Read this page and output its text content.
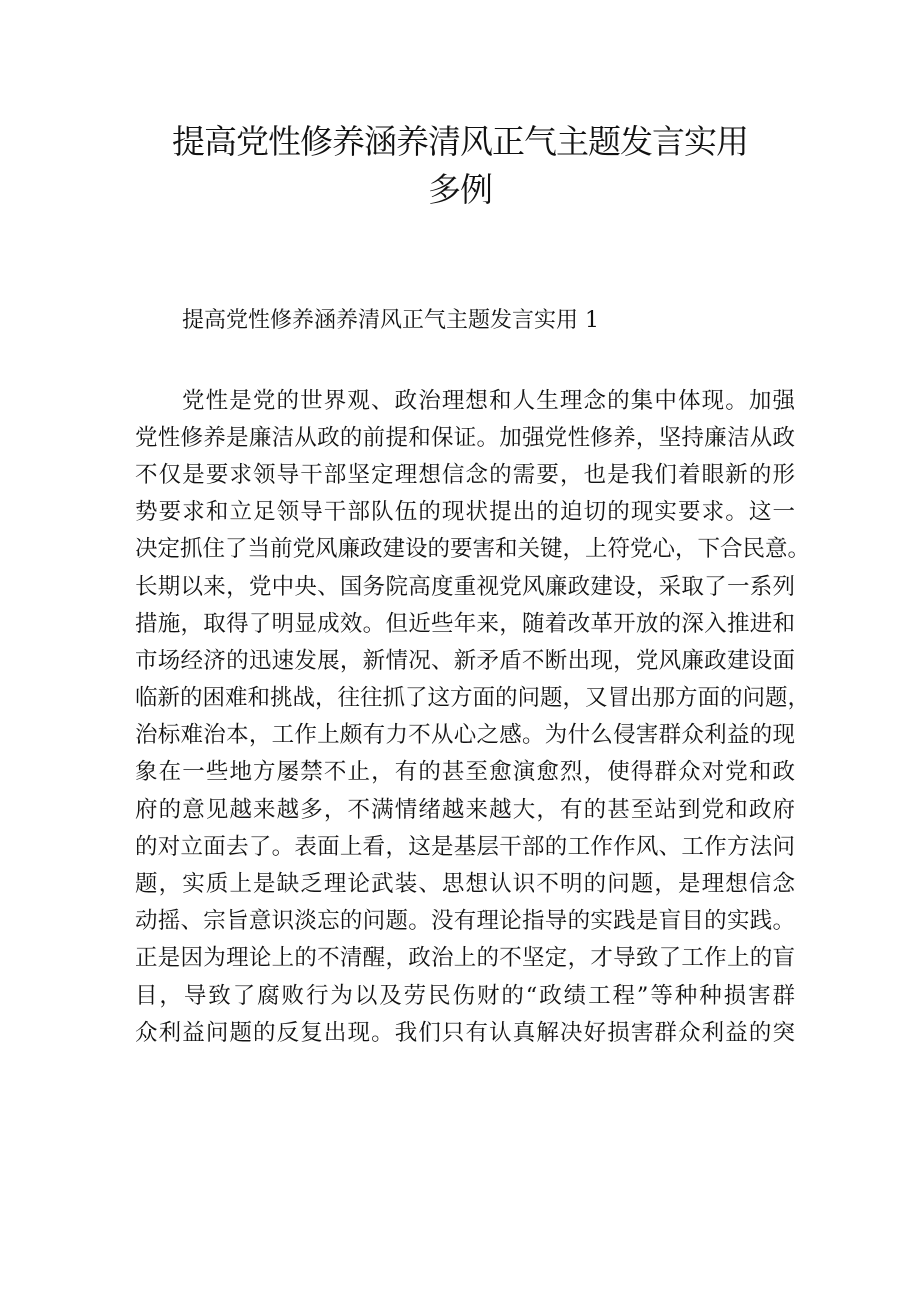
提高党性修养涵养清风正气主题发言实用
多例

提高党性修养涵养清风正气主题发言实用 1

党性是党的世界观、政治理想和人生理念的集中体现。加强

党性修养是廉洁从政的前提和保证。加强党性修养，坚持廉洁从政

不仅是要求领导干部坚定理想信念的需要，也是我们着眼新的形

势要求和立足领导干部队伍的现状提出的迫切的现实要求。这一

决定抓住了当前党风廉政建设的要害和关键，上符党心，下合民意。

长期以来，党中央、国务院高度重视党风廉政建设，采取了一系列

措施，取得了明显成效。但近些年来，随着改革开放的深入推进和

市场经济的迅速发展，新情况、新矛盾不断出现，党风廉政建设面

临新的困难和挑战，往往抓了这方面的问题，又冒出那方面的问题，

治标难治本，工作上颇有力不从心之感。为什么侵害群众利益的现

象在一些地方屡禁不止，有的甚至愈演愈烈，使得群众对党和政

府的意见越来越多，不满情绪越来越大，有的甚至站到党和政府

的对立面去了。表面上看，这是基层干部的工作作风、工作方法问

题，实质上是缺乏理论武装、思想认识不明的问题，是理想信念

动摇、宗旨意识淡忘的问题。没有理论指导的实践是盲目的实践。

正是因为理论上的不清醒，政治上的不坚定，才导致了工作上的盲

目，导致了腐败行为以及劳民伤财的“政绩工程”等种种损害群

众利益问题的反复出现。我们只有认真解决好损害群众利益的突
